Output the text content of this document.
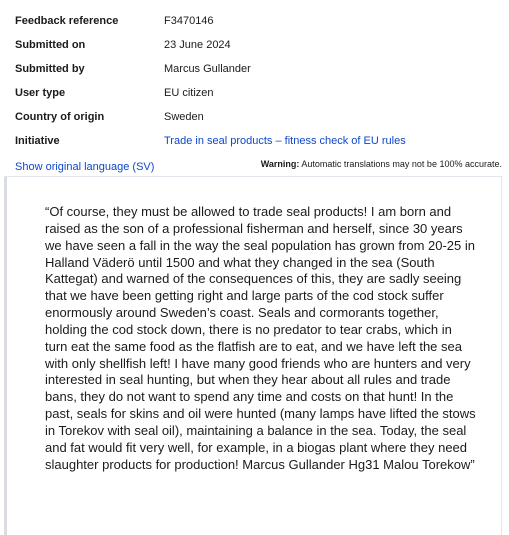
Feedback reference	F3470146
Submitted on	23 June 2024
Submitted by	Marcus Gullander
User type	EU citizen
Country of origin	Sweden
Initiative	Trade in seal products – fitness check of EU rules
Show original language (SV)	Warning: Automatic translations may not be 100% accurate.

“Of course, they must be allowed to trade seal products! I am born and raised as the son of a professional fisherman and herself, since 30 years we have seen a fall in the way the seal population has grown from 20-25 in Halland Väderö until 1500 and what they changed in the sea (South Kattegat) and warned of the consequences of this, they are sadly seeing that we have been getting right and large parts of the cod stock suffer enormously around Sweden’s coast. Seals and cormorants together, holding the cod stock down, there is no predator to tear crabs, which in turn eat the same food as the flatfish are to eat, and we have left the sea with only shellfish left! I have many good friends who are hunters and very interested in seal hunting, but when they hear about all rules and trade bans, they do not want to spend any time and costs on that hunt! In the past, seals for skins and oil were hunted (many lamps have lifted the stows in Torekov with seal oil), maintaining a balance in the sea. Today, the seal and fat would fit very well, for example, in a biogas plant where they need slaughter products for production! Marcus Gullander Hg31 Malou Torekow”
